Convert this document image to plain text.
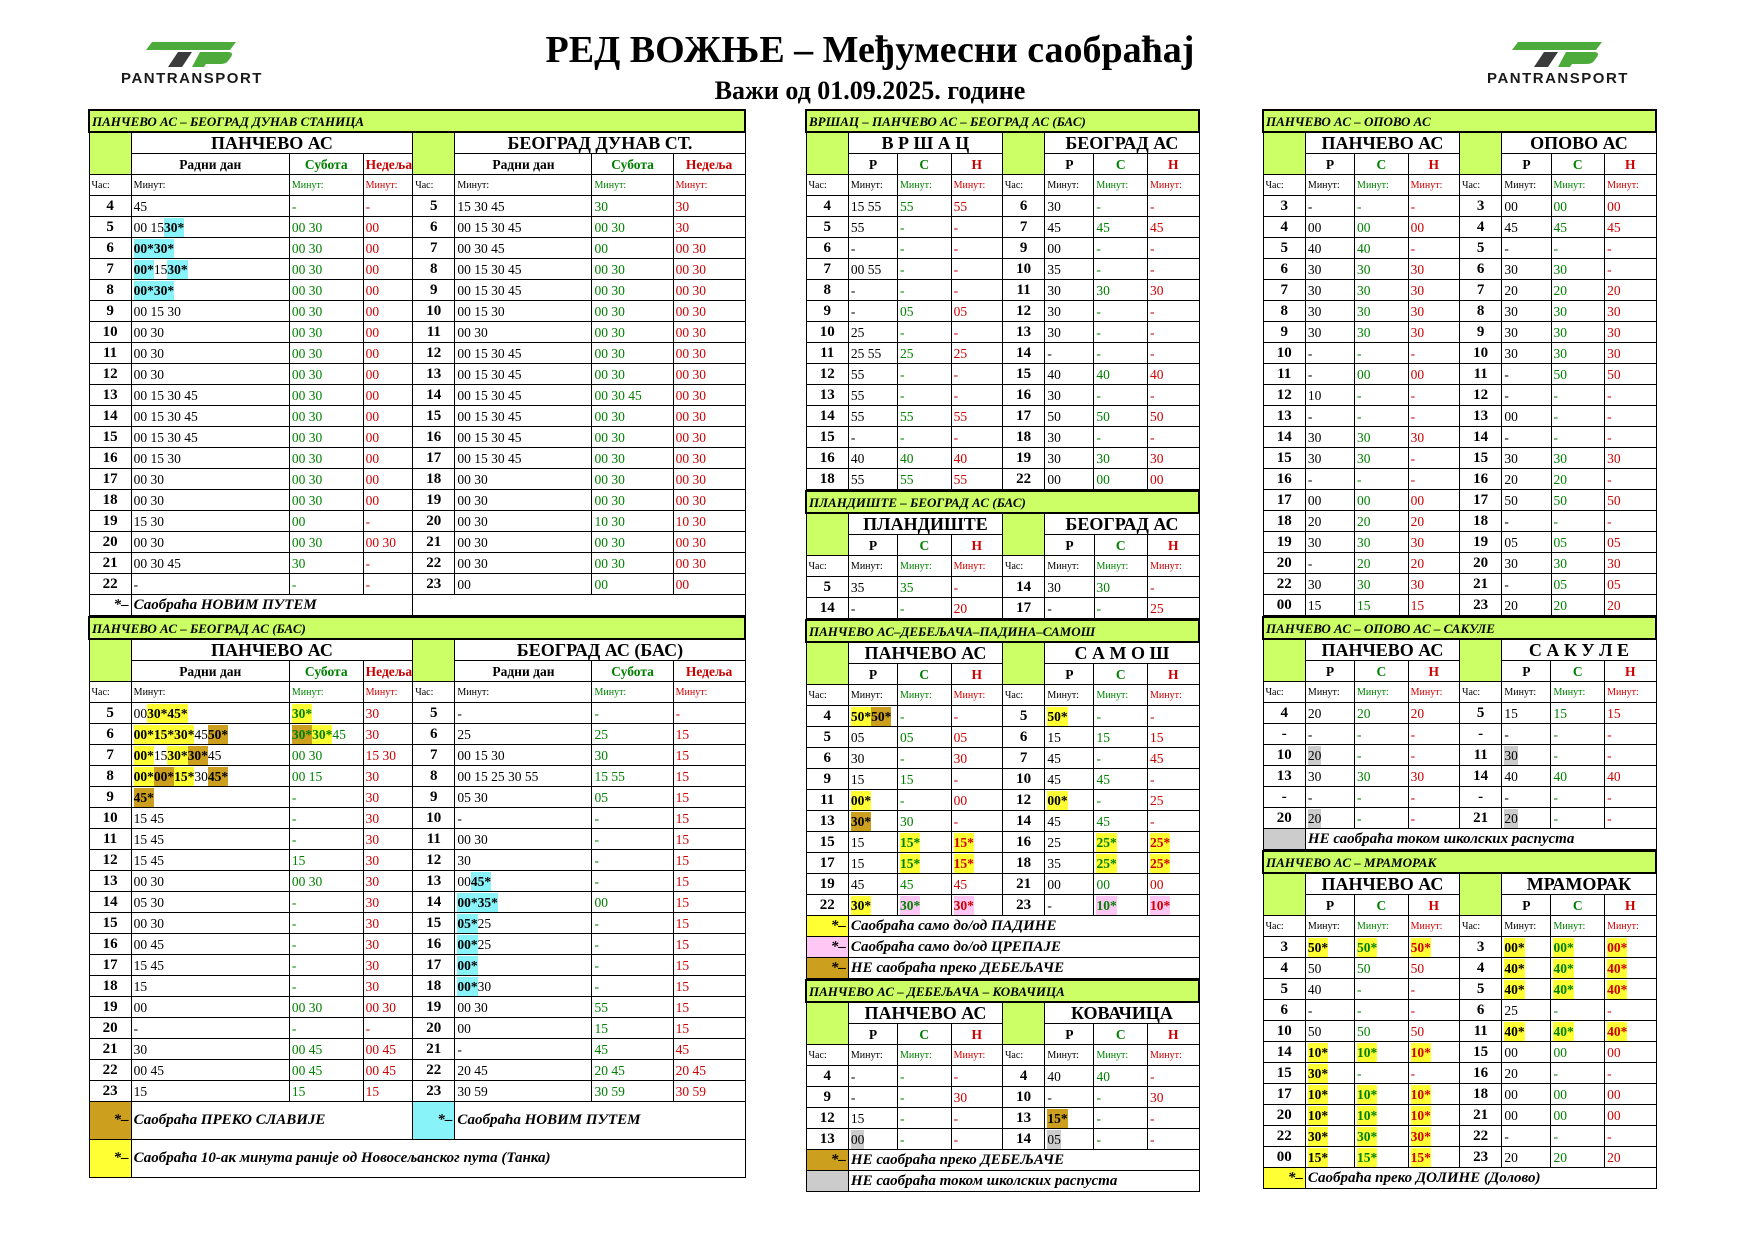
PANTRANSPORT	PANTRANSPORT
РЕД ВОЖЊЕ – Међумесни саобраћај
Важи од 01.09.2025. године
ПАНЧЕВО АС – БЕОГРАД ДУНАВ СТАНИЦА							
	ПАНЧЕВО АС				БЕОГРАД ДУНАВ СТ.		
	Радни дан	Субота	Недеља		Радни дан	Субота	Недеља
Час:	Минут:	Минут:	Минут:	Час:	Минут:	Минут:	Минут:
4	45	-	-	5	15 30 45	30	30
5	00 1530*	00 30	00	6	00 15 30 45	00 30	30
6	00*30*	00 30	00	7	00 30 45	00	00 30
7	00*1530*	00 30	00	8	00 15 30 45	00 30	00 30
8	00*30*	00 30	00	9	00 15 30 45	00 30	00 30
9	00 15 30	00 30	00	10	00 15 30	00 30	00 30
10	00 30	00 30	00	11	00 30	00 30	00 30
11	00 30	00 30	00	12	00 15 30 45	00 30	00 30
12	00 30	00 30	00	13	00 15 30 45	00 30	00 30
13	00 15 30 45	00 30	00	14	00 15 30 45	00 30 45	00 30
14	00 15 30 45	00 30	00	15	00 15 30 45	00 30	00 30
15	00 15 30 45	00 30	00	16	00 15 30 45	00 30	00 30
16	00 15 30	00 30	00	17	00 15 30 45	00 30	00 30
17	00 30	00 30	00	18	00 30	00 30	00 30
18	00 30	00 30	00	19	00 30	00 30	00 30
19	15 30	00	-	20	00 30	10 30	10 30
20	00 30	00 30	00 30	21	00 30	00 30	00 30
21	00 30 45	30	-	22	00 30	00 30	00 30
22	-	-	-	23	00	00	00
*–	Саобраћа НОВИМ ПУТЕМ						
ПАНЧЕВО АС – БЕОГРАД АС (БАС)							
	ПАНЧЕВО АС				БЕОГРАД АС (БАС)		
	Радни дан	Субота	Недеља		Радни дан	Субота	Недеља
Час:	Минут:	Минут:	Минут:	Час:	Минут:	Минут:	Минут:
5	0030*45*	30*	30	5	-	-	-
6	00*15*30*4550*	30*30*45	30	6	25	25	15
7	00*1530*30*45	00 30	15 30	7	00 15 30	30	15
8	00*00*15*3045*	00 15	30	8	00 15 25 30 55	15 55	15
9	45*	-	30	9	05 30	05	15
10	15 45	-	30	10	-	-	15
11	15 45	-	30	11	00 30	-	15
12	15 45	15	30	12	30	-	15
13	00 30	00 30	30	13	0045*	-	15
14	05 30	-	30	14	00*35*	00	15
15	00 30	-	30	15	05*25	-	15
16	00 45	-	30	16	00*25	-	15
17	15 45	-	30	17	00*	-	15
18	15	-	30	18	00*30	-	15
19	00	00 30	00 30	19	00 30	55	15
20	-	-	-	20	00	15	15
21	30	00 45	00 45	21	-	45	45
22	00 45	00 45	00 45	22	20 45	20 45	20 45
23	15	15	15	23	30 59	30 59	30 59
*–	Саобраћа ПРЕКО СЛАВИЈЕ			*–	Саобраћа НОВИМ ПУТЕМ		
*–	Саобраћа 10-ак минута раније од Новосељанског пута (Танка)						
ВРШАЦ – ПАНЧЕВО АС – БЕОГРАД АС (БАС)							
	В Р Ш А Ц				БЕОГРАД АС		
	Р	С	Н		Р	С	Н
Час:	Минут:	Минут:	Минут:	Час:	Минут:	Минут:	Минут:
4	15 55	55	55	6	30	-	-
5	55	-	-	7	45	45	45
6	-	-	-	9	00	-	-
7	00 55	-	-	10	35	-	-
8	-	-	-	11	30	30	30
9	-	05	05	12	30	-	-
10	25	-	-	13	30	-	-
11	25 55	25	25	14	-	-	-
12	55	-	-	15	40	40	40
13	55	-	-	16	30	-	-
14	55	55	55	17	50	50	50
15	-	-	-	18	30	-	-
16	40	40	40	19	30	30	30
18	55	55	55	22	00	00	00
ПЛАНДИШТЕ – БЕОГРАД АС (БАС)							
	ПЛАНДИШТЕ				БЕОГРАД АС		
	Р	С	Н		Р	С	Н
Час:	Минут:	Минут:	Минут:	Час:	Минут:	Минут:	Минут:
5	35	35	-	14	30	30	-
14	-	-	20	17	-	-	25
ПАНЧЕВО АС–ДЕБЕЉАЧА–ПАДИНА–САМОШ							
	ПАНЧЕВО АС				С А М О Ш		
	Р	С	Н		Р	С	Н
Час:	Минут:	Минут:	Минут:	Час:	Минут:	Минут:	Минут:
4	50*50*	-	-	5	50*	-	-
5	05	05	05	6	15	15	15
6	30	-	30	7	45	-	45
9	15	15	-	10	45	45	-
11	00*	-	00	12	00*	-	25
13	30*	30	-	14	45	45	-
15	15	15*	15*	16	25	25*	25*
17	15	15*	15*	18	35	25*	25*
19	45	45	45	21	00	00	00
22	30*	30*	30*	23	-	10*	10*
*–	Саобраћа само до/од ПАДИНЕ						
*–	Саобраћа само до/од ЦРЕПАЈЕ						
*–	НЕ саобраћа преко ДЕБЕЉАЧЕ						
ПАНЧЕВО АС – ДЕБЕЉАЧА – КОВАЧИЦА							
	ПАНЧЕВО АС				КОВАЧИЦА		
	Р	С	Н		Р	С	Н
Час:	Минут:	Минут:	Минут:	Час:	Минут:	Минут:	Минут:
4	-	-	-	4	40	40	-
9	-	-	30	10	-	-	30
12	15	-	-	13	15*	-	-
13	00	-	-	14	05	-	-
*–	НЕ саобраћа преко ДЕБЕЉАЧЕ						
	НЕ саобраћа током школских распуста						
ПАНЧЕВО АС – ОПОВО АС							
	ПАНЧЕВО АС				ОПОВО АС		
	Р	С	Н		Р	С	Н
Час:	Минут:	Минут:	Минут:	Час:	Минут:	Минут:	Минут:
3	-	-	-	3	00	00	00
4	00	00	00	4	45	45	45
5	40	40	-	5	-	-	-
6	30	30	30	6	30	30	-
7	30	30	30	7	20	20	20
8	30	30	30	8	30	30	30
9	30	30	30	9	30	30	30
10	-	-	-	10	30	30	30
11	-	00	00	11	-	50	50
12	10	-	-	12	-	-	-
13	-	-	-	13	00	-	-
14	30	30	30	14	-	-	-
15	30	30	-	15	30	30	30
16	-	-	-	16	20	20	-
17	00	00	00	17	50	50	50
18	20	20	20	18	-	-	-
19	30	30	30	19	05	05	05
20	-	20	20	20	30	30	30
22	30	30	30	21	-	05	05
00	15	15	15	23	20	20	20
ПАНЧЕВО АС – ОПОВО АС – САКУЛЕ							
	ПАНЧЕВО АС				С А К У Л Е		
	Р	С	Н		Р	С	Н
Час:	Минут:	Минут:	Минут:	Час:	Минут:	Минут:	Минут:
4	20	20	20	5	15	15	15
-	-	-	-	-	-	-	-
10	20	-	-	11	30	-	-
13	30	30	30	14	40	40	40
-	-	-	-	-	-	-	-
20	20	-	-	21	20	-	-
	НЕ саобраћа током школских распуста						
ПАНЧЕВО АС – МРАМОРАК							
	ПАНЧЕВО АС				МРАМОРАК		
	Р	С	Н		Р	С	Н
Час:	Минут:	Минут:	Минут:	Час:	Минут:	Минут:	Минут:
3	50*	50*	50*	3	00*	00*	00*
4	50	50	50	4	40*	40*	40*
5	40	-	-	5	40*	40*	40*
6	-	-	-	6	25	-	-
10	50	50	50	11	40*	40*	40*
14	10*	10*	10*	15	00	00	00
15	30*	-	-	16	20	-	-
17	10*	10*	10*	18	00	00	00
20	10*	10*	10*	21	00	00	00
22	30*	30*	30*	22	-	-	-
00	15*	15*	15*	23	20	20	20
*–	Саобраћа преко ДОЛИНЕ (Долово)						
